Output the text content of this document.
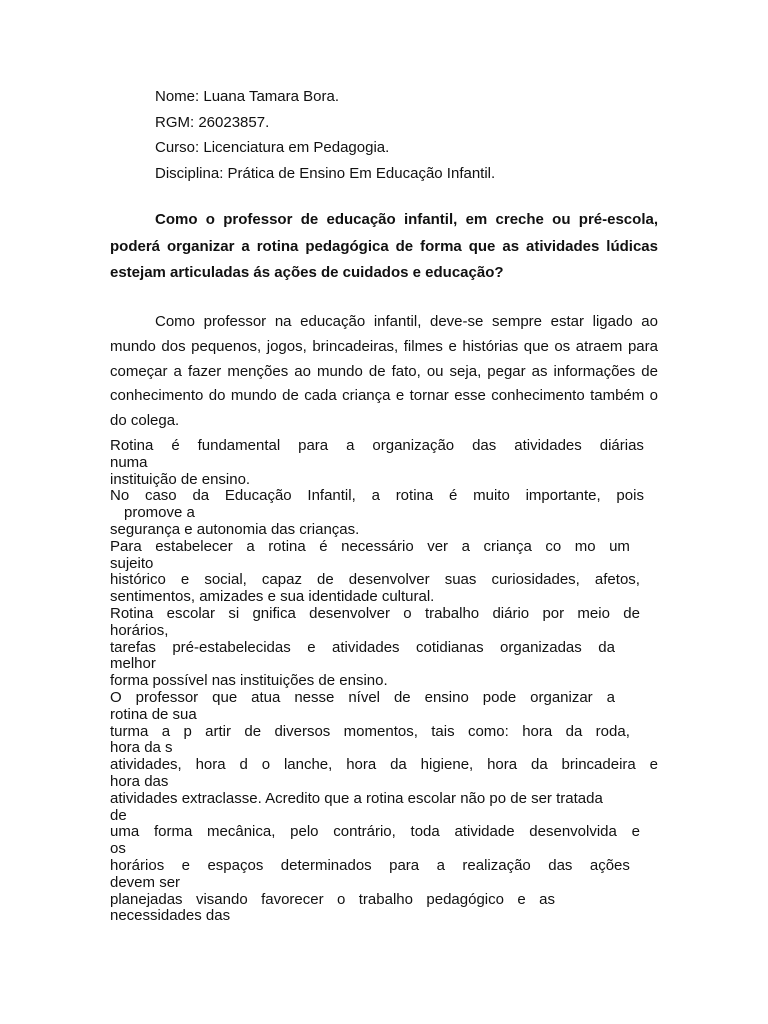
Nome: Luana Tamara Bora.
RGM: 26023857.
Curso: Licenciatura em Pedagogia.
Disciplina: Prática de Ensino Em Educação Infantil.
Como o professor de educação infantil, em creche ou pré-escola, poderá organizar a rotina pedagógica de forma que as atividades lúdicas estejam articuladas ás ações de cuidados e educação?
Como professor na educação infantil, deve-se sempre estar ligado ao mundo dos pequenos, jogos, brincadeiras, filmes e histórias que os atraem para começar a fazer menções ao mundo de fato, ou seja, pegar as informações de conhecimento do mundo de cada criança e tornar esse conhecimento também o do colega.
Rotina é fundamental para a organização das atividades diárias
numa
instituição de ensino.
No caso da Educação Infantil, a rotina é muito importante, pois
promove a
segurança e autonomia das crianças.
Para estabelecer a rotina é necessário ver a criança co mo um
sujeito
histórico e social, capaz de desenvolver suas curiosidades, afetos,
sentimentos, amizades e sua identidade cultural.
Rotina escolar si gnifica desenvolver o trabalho diário por meio de
horários,
tarefas pré-estabelecidas e atividades cotidianas organizadas da
melhor
forma possível nas instituições de ensino.
O professor que atua nesse nível de ensino pode organizar a
rotina de sua
turma a p artir de diversos momentos, tais como: hora da roda,
hora da s
atividades, hora d o lanche, hora da higiene, hora da brincadeira e
hora das
atividades extraclasse. Acredito que a rotina escolar não po de ser tratada
de
uma forma mecânica, pelo contrário, toda atividade desenvolvida e
os
horários e espaços determinados para a realização das ações
devem ser
planejadas visando favorecer o trabalho pedagógico e as
necessidades das
